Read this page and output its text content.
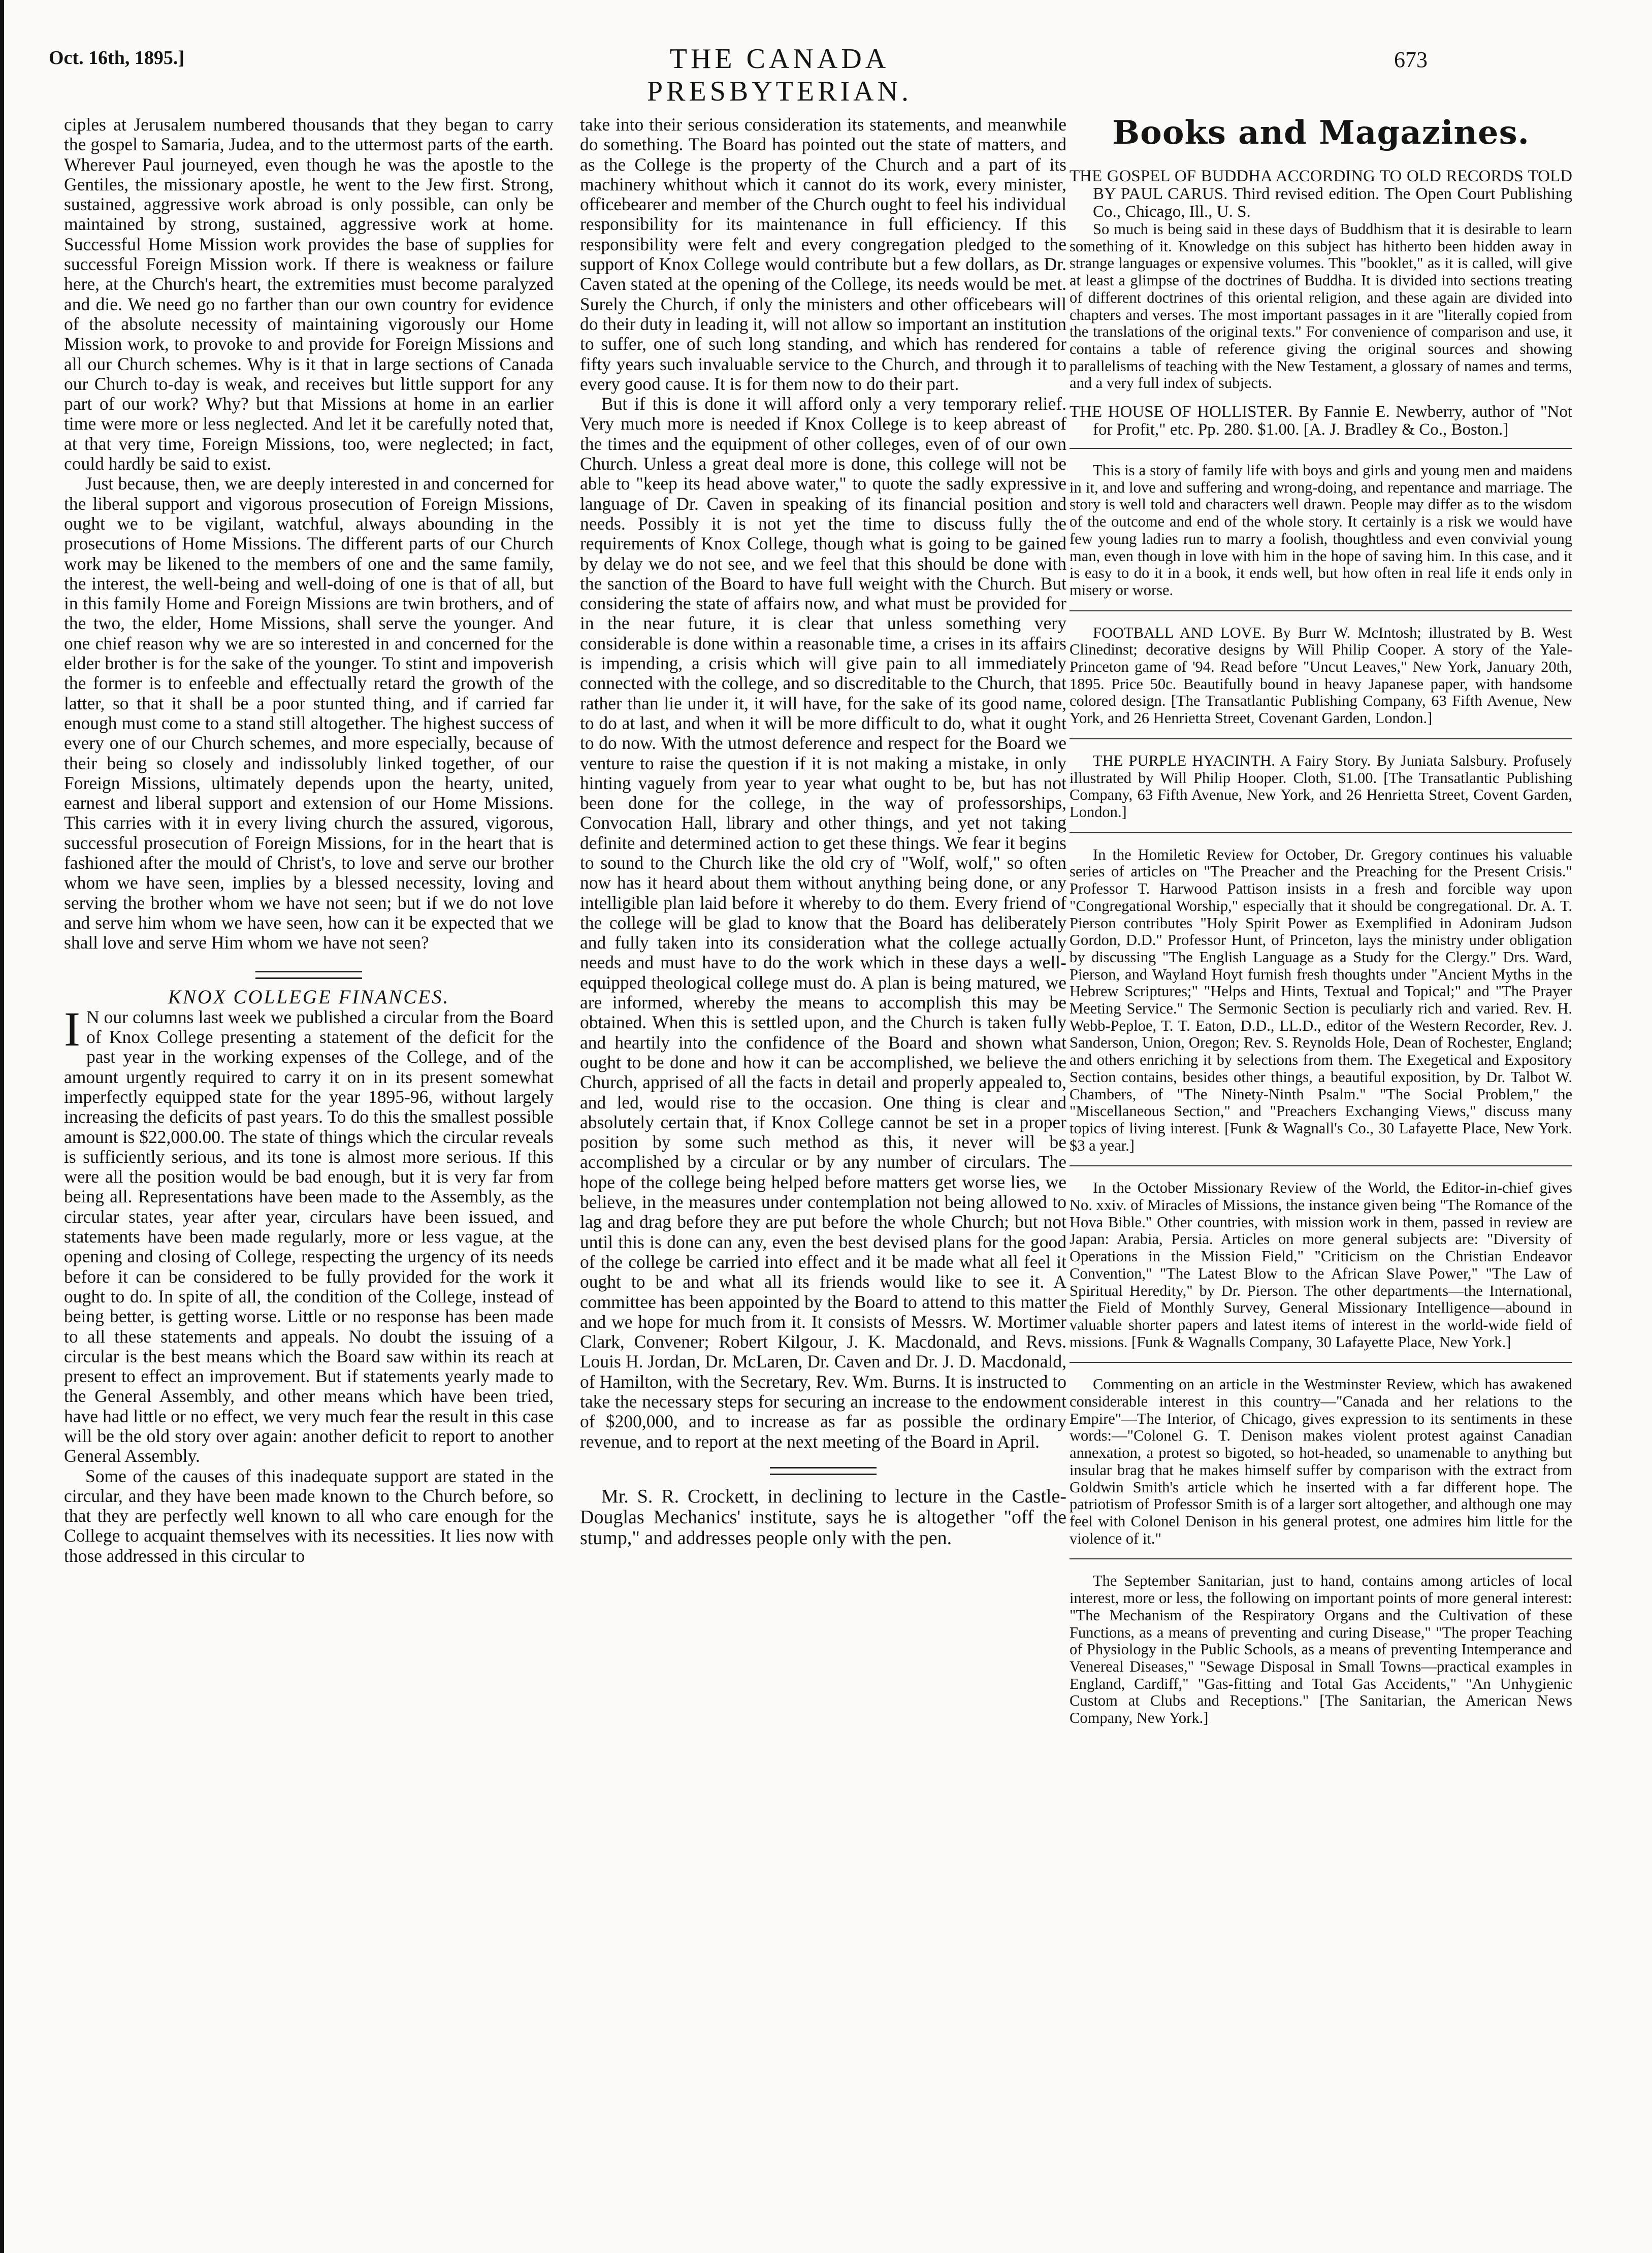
Oct. 16th, 1895.]	THE CANADA PRESBYTERIAN.
673

ciples at Jerusalem numbered thousands that they began to carry the gospel to Samaria, Judea, and to the uttermost parts of the earth. Wherever Paul journeyed, even though he was the apostle to the Gentiles, the missionary apostle, he went to the Jew first. Strong, sustained, aggressive work abroad is only possible, can only be maintained by strong, sustained, aggressive work at home. Successful Home Mission work provides the base of supplies for successful Foreign Mission work. If there is weakness or failure here, at the Church's heart, the extremities must become paralyzed and die. We need go no farther than our own country for evidence of the absolute necessity of maintaining vigorously our Home Mission work, to provoke to and provide for Foreign Missions and all our Church schemes. Why is it that in large sections of Canada our Church to-day is weak, and receives but little support for any part of our work? Why? but that Missions at home in an earlier time were more or less neglected. And let it be carefully noted that, at that very time, Foreign Missions, too, were neglected; in fact, could hardly be said to exist.

Just because, then, we are deeply interested in and concerned for the liberal support and vigorous prosecution of Foreign Missions, ought we to be vigilant, watchful, always abounding in the prosecutions of Home Missions. The different parts of our Church work may be likened to the members of one and the same family, the interest, the well-being and well-doing of one is that of all, but in this family Home and Foreign Missions are twin brothers, and of the two, the elder, Home Missions, shall serve the younger. And one chief reason why we are so interested in and concerned for the elder brother is for the sake of the younger. To stint and impoverish the former is to enfeeble and effectually retard the growth of the latter, so that it shall be a poor stunted thing, and if carried far enough must come to a stand still altogether. The highest success of every one of our Church schemes, and more especially, because of their being so closely and indissolubly linked together, of our Foreign Missions, ultimately depends upon the hearty, united, earnest and liberal support and extension of our Home Missions. This carries with it in every living church the assured, vigorous, successful prosecution of Foreign Missions, for in the heart that is fashioned after the mould of Christ's, to love and serve our brother whom we have seen, implies by a blessed necessity, loving and serving the brother whom we have not seen; but if we do not love and serve him whom we have seen, how can it be expected that we shall love and serve Him whom we have not seen?

KNOX COLLEGE FINANCES.

I N our columns last week we published a circular from the Board of Knox College presenting a statement of the deficit for the past year in the working expenses of the College, and of the amount urgently required to carry it on in its present somewhat imperfectly equipped state for the year 1895-96, without largely increasing the deficits of past years. To do this the smallest possible amount is $22,000.00. The state of things which the circular reveals is sufficiently serious, and its tone is almost more serious. If this were all the position would be bad enough, but it is very far from being all. Representations have been made to the Assembly, as the circular states, year after year, circulars have been issued, and statements have been made regularly, more or less vague, at the opening and closing of College, respecting the urgency of its needs before it can be considered to be fully provided for the work it ought to do. In spite of all, the condition of the College, instead of being better, is getting worse. Little or no response has been made to all these statements and appeals. No doubt the issuing of a circular is the best means which the Board saw within its reach at present to effect an improvement. But if statements yearly made to the General Assembly, and other means which have been tried, have had little or no effect, we very much fear the result in this case will be the old story over again: another deficit to report to another General Assembly.

Some of the causes of this inadequate support are stated in the circular, and they have been made known to the Church before, so that they are perfectly well known to all who care enough for the College to acquaint themselves with its necessities. It lies now with those addressed in this circular to

take into their serious consideration its statements, and meanwhile do something. The Board has pointed out the state of matters, and as the College is the property of the Church and a part of its machinery whithout which it cannot do its work, every minister, officebearer and member of the Church ought to feel his individual responsibility for its maintenance in full efficiency. If this responsibility were felt and every congregation pledged to the support of Knox College would contribute but a few dollars, as Dr. Caven stated at the opening of the College, its needs would be met. Surely the Church, if only the ministers and other officebears will do their duty in leading it, will not allow so important an institution to suffer, one of such long standing, and which has rendered for fifty years such invaluable service to the Church, and through it to every good cause. It is for them now to do their part.

But if this is done it will afford only a very temporary relief. Very much more is needed if Knox College is to keep abreast of the times and the equipment of other colleges, even of of our own Church. Unless a great deal more is done, this college will not be able to "keep its head above water," to quote the sadly expressive language of Dr. Caven in speaking of its financial position and needs. Possibly it is not yet the time to discuss fully the requirements of Knox College, though what is going to be gained by delay we do not see, and we feel that this should be done with the sanction of the Board to have full weight with the Church. But considering the state of affairs now, and what must be provided for in the near future, it is clear that unless something very considerable is done within a reasonable time, a crises in its affairs is impending, a crisis which will give pain to all immediately connected with the college, and so discreditable to the Church, that rather than lie under it, it will have, for the sake of its good name, to do at last, and when it will be more difficult to do, what it ought to do now. With the utmost deference and respect for the Board we venture to raise the question if it is not making a mistake, in only hinting vaguely from year to year what ought to be, but has not been done for the college, in the way of professorships, Convocation Hall, library and other things, and yet not taking definite and determined action to get these things. We fear it begins to sound to the Church like the old cry of "Wolf, wolf," so often now has it heard about them without anything being done, or any intelligible plan laid before it whereby to do them. Every friend of the college will be glad to know that the Board has deliberately and fully taken into its consideration what the college actually needs and must have to do the work which in these days a well-equipped theological college must do. A plan is being matured, we are informed, whereby the means to accomplish this may be obtained. When this is settled upon, and the Church is taken fully and heartily into the confidence of the Board and shown what ought to be done and how it can be accomplished, we believe the Church, apprised of all the facts in detail and properly appealed to, and led, would rise to the occasion. One thing is clear and absolutely certain that, if Knox College cannot be set in a proper position by some such method as this, it never will be accomplished by a circular or by any number of circulars. The hope of the college being helped before matters get worse lies, we believe, in the measures under contemplation not being allowed to lag and drag before they are put before the whole Church; but not until this is done can any, even the best devised plans for the good of the college be carried into effect and it be made what all feel it ought to be and what all its friends would like to see it. A committee has been appointed by the Board to attend to this matter and we hope for much from it. It consists of Messrs. W. Mortimer Clark, Convener; Robert Kilgour, J. K. Macdonald, and Revs. Louis H. Jordan, Dr. McLaren, Dr. Caven and Dr. J. D. Macdonald, of Hamilton, with the Secretary, Rev. Wm. Burns. It is instructed to take the necessary steps for securing an increase to the endowment of $200,000, and to increase as far as possible the ordinary revenue, and to report at the next meeting of the Board in April.

Mr. S. R. Crockett, in declining to lecture in the Castle-Douglas Mechanics' institute, says he is altogether "off the stump," and addresses people only with the pen.

Books and Magazines.

THE GOSPEL OF BUDDHA ACCORDING TO OLD RECORDS TOLD BY PAUL CARUS. Third revised edition. The Open Court Publishing Co., Chicago, Ill., U. S.

So much is being said in these days of Buddhism that it is desirable to learn something of it. Knowledge on this subject has hitherto been hidden away in strange languages or expensive volumes. This "booklet," as it is called, will give at least a glimpse of the doctrines of Buddha. It is divided into sections treating of different doctrines of this oriental religion, and these again are divided into chapters and verses. The most important passages in it are "literally copied from the translations of the original texts." For convenience of comparison and use, it contains a table of reference giving the original sources and showing parallelisms of teaching with the New Testament, a glossary of names and terms, and a very full index of subjects.

THE HOUSE OF HOLLISTER. By Fannie E. Newberry, author of "Not for Profit," etc. Pp. 280. $1.00. [A. J. Bradley & Co., Boston.]

This is a story of family life with boys and girls and young men and maidens in it, and love and suffering and wrong-doing, and repentance and marriage. The story is well told and characters well drawn. People may differ as to the wisdom of the outcome and end of the whole story. It certainly is a risk we would have few young ladies run to marry a foolish, thoughtless and even convivial young man, even though in love with him in the hope of saving him. In this case, and it is easy to do it in a book, it ends well, but how often in real life it ends only in misery or worse.

FOOTBALL AND LOVE. By Burr W. McIntosh; illustrated by B. West Clinedinst; decorative designs by Will Philip Cooper. A story of the Yale-Princeton game of '94. Read before "Uncut Leaves," New York, January 20th, 1895. Price 50c. Beautifully bound in heavy Japanese paper, with handsome colored design. [The Transatlantic Publishing Company, 63 Fifth Avenue, New York, and 26 Henrietta Street, Covenant Garden, London.]

THE PURPLE HYACINTH. A Fairy Story. By Juniata Salsbury. Profusely illustrated by Will Philip Hooper. Cloth, $1.00. [The Transatlantic Publishing Company, 63 Fifth Avenue, New York, and 26 Henrietta Street, Covent Garden, London.]

In the Homiletic Review for October, Dr. Gregory continues his valuable series of articles on "The Preacher and the Preaching for the Present Crisis." Professor T. Harwood Pattison insists in a fresh and forcible way upon "Congregational Worship," especially that it should be congregational. Dr. A. T. Pierson contributes "Holy Spirit Power as Exemplified in Adoniram Judson Gordon, D.D." Professor Hunt, of Princeton, lays the ministry under obligation by discussing "The English Language as a Study for the Clergy." Drs. Ward, Pierson, and Wayland Hoyt furnish fresh thoughts under "Ancient Myths in the Hebrew Scriptures;" "Helps and Hints, Textual and Topical;" and "The Prayer Meeting Service." The Sermonic Section is peculiarly rich and varied. Rev. H. Webb-Peploe, T. T. Eaton, D.D., LL.D., editor of the Western Recorder, Rev. J. Sanderson, Union, Oregon; Rev. S. Reynolds Hole, Dean of Rochester, England; and others enriching it by selections from them. The Exegetical and Expository Section contains, besides other things, a beautiful exposition, by Dr. Talbot W. Chambers, of "The Ninety-Ninth Psalm." "The Social Problem," the "Miscellaneous Section," and "Preachers Exchanging Views," discuss many topics of living interest. [Funk & Wagnall's Co., 30 Lafayette Place, New York. $3 a year.]

In the October Missionary Review of the World, the Editor-in-chief gives No. xxiv. of Miracles of Missions, the instance given being "The Romance of the Hova Bible." Other countries, with mission work in them, passed in review are Japan: Arabia, Persia. Articles on more general subjects are: "Diversity of Operations in the Mission Field," "Criticism on the Christian Endeavor Convention," "The Latest Blow to the African Slave Power," "The Law of Spiritual Heredity," by Dr. Pierson. The other departments—the International, the Field of Monthly Survey, General Missionary Intelligence—abound in valuable shorter papers and latest items of interest in the world-wide field of missions. [Funk & Wagnalls Company, 30 Lafayette Place, New York.]

Commenting on an article in the Westminster Review, which has awakened considerable interest in this country—"Canada and her relations to the Empire"—The Interior, of Chicago, gives expression to its sentiments in these words:—"Colonel G. T. Denison makes violent protest against Canadian annexation, a protest so bigoted, so hot-headed, so unamenable to anything but insular brag that he makes himself suffer by comparison with the extract from Goldwin Smith's article which he inserted with a far different hope. The patriotism of Professor Smith is of a larger sort altogether, and although one may feel with Colonel Denison in his general protest, one admires him little for the violence of it."

The September Sanitarian, just to hand, contains among articles of local interest, more or less, the following on important points of more general interest: "The Mechanism of the Respiratory Organs and the Cultivation of these Functions, as a means of preventing and curing Disease," "The proper Teaching of Physiology in the Public Schools, as a means of preventing Intemperance and Venereal Diseases," "Sewage Disposal in Small Towns—practical examples in England, Cardiff," "Gas-fitting and Total Gas Accidents," "An Unhygienic Custom at Clubs and Receptions." [The Sanitarian, the American News Company, New York.]
